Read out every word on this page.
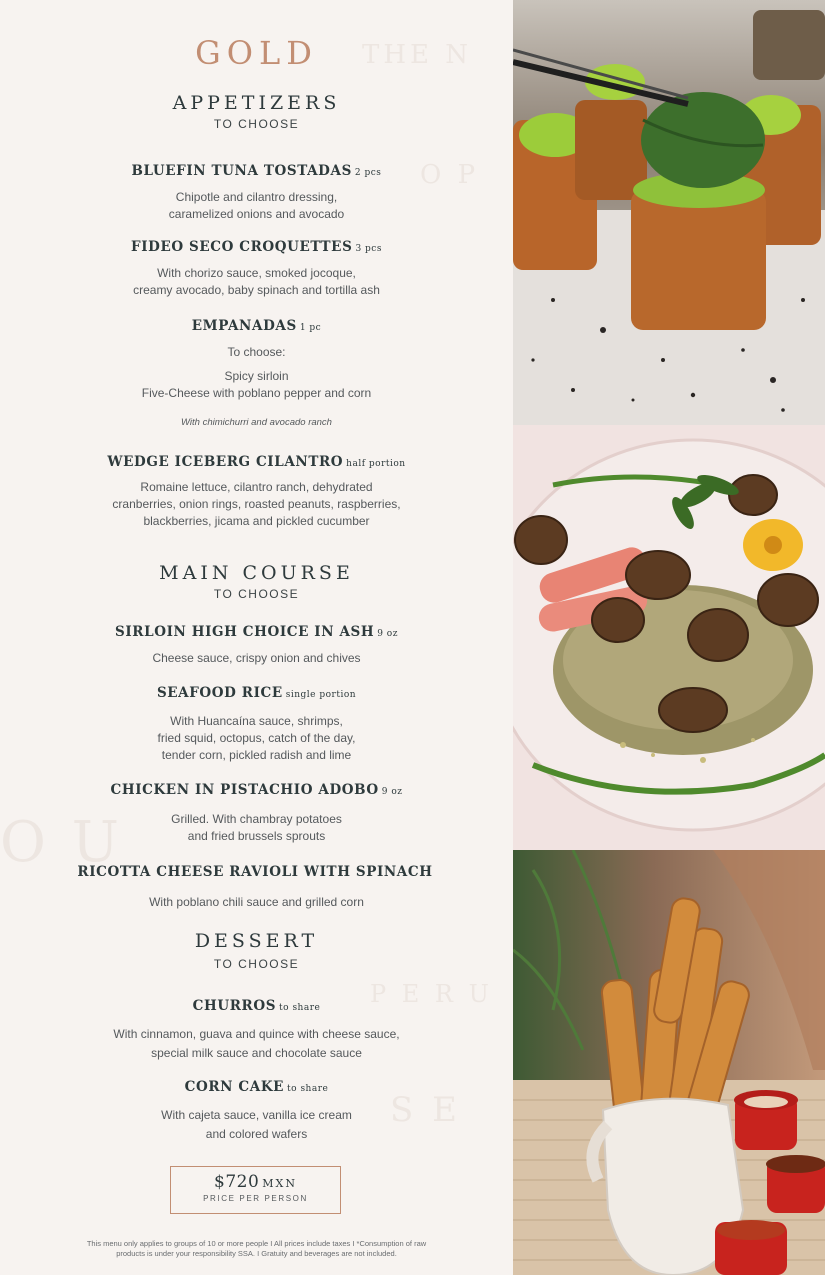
THE N
O P
P E R U
S E
O U
GOLD
APPETIZERS
TO CHOOSE
BLUEFIN TUNA TOSTADAS 2 pcs
Chipotle and cilantro dressing,
caramelized onions and avocado
FIDEO SECO CROQUETTES 3 pcs
With chorizo sauce, smoked jocoque,
creamy avocado, baby spinach and tortilla ash
EMPANADAS 1 pc
To choose:
Spicy sirloin
Five-Cheese with poblano pepper and corn
With chimichurri and avocado ranch
WEDGE ICEBERG CILANTRO half portion
Romaine lettuce, cilantro ranch, dehydrated
cranberries, onion rings, roasted peanuts, raspberries,
blackberries, jicama and pickled cucumber
MAIN COURSE
TO CHOOSE
SIRLOIN HIGH CHOICE IN ASH 9 oz
Cheese sauce, crispy onion and chives
SEAFOOD RICE single portion
With Huancaína sauce, shrimps,
fried squid, octopus, catch of the day,
tender corn, pickled radish and lime
CHICKEN IN PISTACHIO ADOBO 9 oz
Grilled. With chambray potatoes
and fried brussels sprouts
RICOTTA CHEESE RAVIOLI WITH SPINACH
With poblano chili sauce and grilled corn
DESSERT
TO CHOOSE
CHURROS to share
With cinnamon, guava and quince with cheese sauce,
special milk sauce and chocolate sauce
CORN CAKE to share
With cajeta sauce, vanilla ice cream
and colored wafers
$720 MXN
PRICE PER PERSON
This menu only applies to groups of 10 or more people I All prices include taxes I *Consumption of raw
products is under your responsibility SSA. I Gratuity and beverages are not included.
